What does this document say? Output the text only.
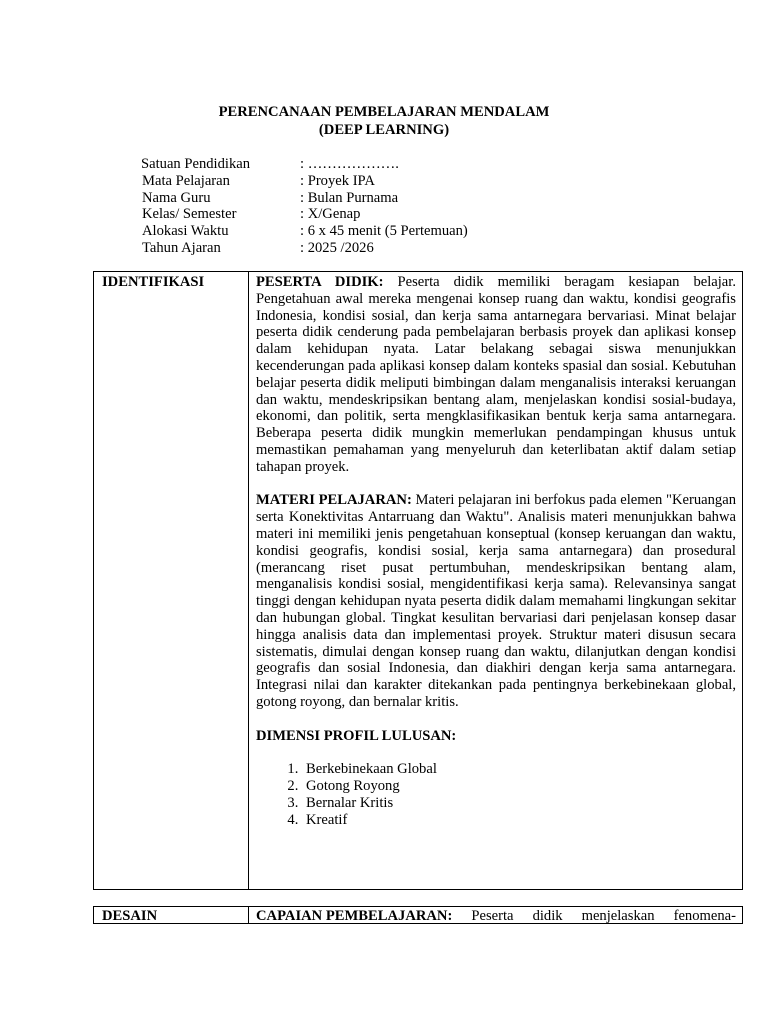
PERENCANAAN PEMBELAJARAN MENDALAM
(DEEP LEARNING)
Satuan Pendidikan	: ……………….
Mata Pelajaran	: Proyek IPA
Nama Guru	: Bulan Purnama
Kelas/ Semester	: X/Genap
Alokasi Waktu	: 6 x 45 menit (5 Pertemuan)
Tahun Ajaran	: 2025 /2026
IDENTIFIKASI	PESERTA DIDIK: Peserta didik memiliki beragam kesiapan belajar. Pengetahuan awal mereka mengenai konsep ruang dan waktu, kondisi geografis Indonesia, kondisi sosial, dan kerja sama antarnegara bervariasi. Minat belajar peserta didik cenderung pada pembelajaran berbasis proyek dan aplikasi konsep dalam kehidupan nyata. Latar belakang sebagai siswa menunjukkan kecenderungan pada aplikasi konsep dalam konteks spasial dan sosial. Kebutuhan belajar peserta didik meliputi bimbingan dalam menganalisis interaksi keruangan dan waktu, mendeskripsikan bentang alam, menjelaskan kondisi sosial-budaya, ekonomi, dan politik, serta mengklasifikasikan bentuk kerja sama antarnegara. Beberapa peserta didik mungkin memerlukan pendampingan khusus untuk memastikan pemahaman yang menyeluruh dan keterlibatan aktif dalam setiap tahapan proyek.

MATERI PELAJARAN: Materi pelajaran ini berfokus pada elemen "Keruangan serta Konektivitas Antarruang dan Waktu". Analisis materi menunjukkan bahwa materi ini memiliki jenis pengetahuan konseptual (konsep keruangan dan waktu, kondisi geografis, kondisi sosial, kerja sama antarnegara) dan prosedural (merancang riset pusat pertumbuhan, mendeskripsikan bentang alam, menganalisis kondisi sosial, mengidentifikasi kerja sama). Relevansinya sangat tinggi dengan kehidupan nyata peserta didik dalam memahami lingkungan sekitar dan hubungan global. Tingkat kesulitan bervariasi dari penjelasan konsep dasar hingga analisis data dan implementasi proyek. Struktur materi disusun secara sistematis, dimulai dengan konsep ruang dan waktu, dilanjutkan dengan kondisi geografis dan sosial Indonesia, dan diakhiri dengan kerja sama antarnegara. Integrasi nilai dan karakter ditekankan pada pentingnya berkebinekaan global, gotong royong, dan bernalar kritis.

DIMENSI PROFIL LULUSAN:
1. Berkebinekaan Global
2. Gotong Royong
3. Bernalar Kritis
4. Kreatif
DESAIN	CAPAIAN PEMBELAJARAN: Peserta didik menjelaskan fenomena-
